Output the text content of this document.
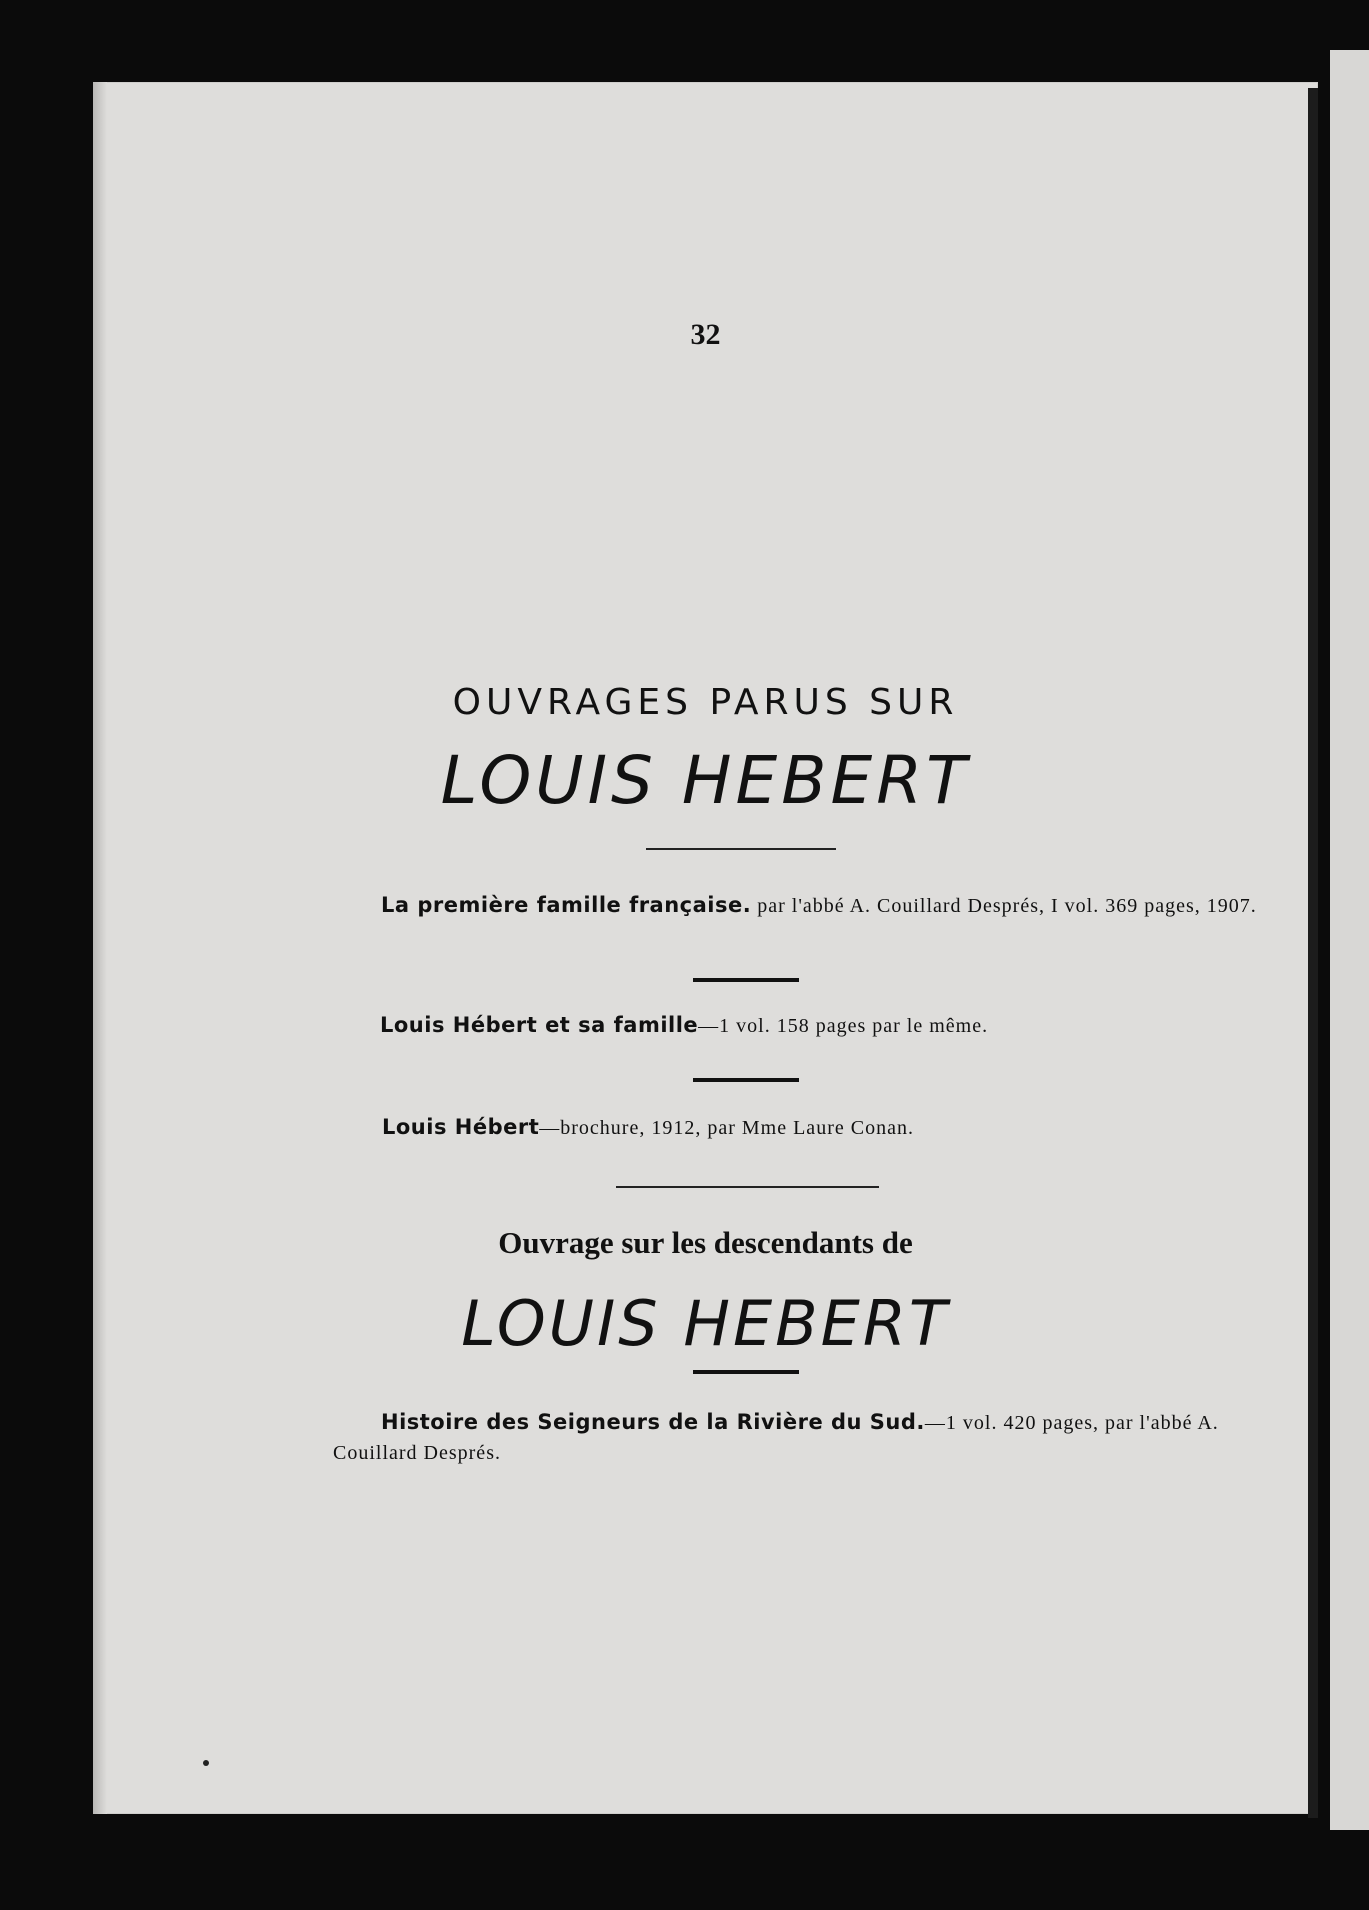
32
OUVRAGES PARUS SUR
LOUIS HEBERT
La première famille française. par l'abbé A. Couillard Després, I vol. 369 pages, 1907.
Louis Hébert et sa famille—1 vol. 158 pages par le même.
Louis Hébert—brochure, 1912, par Mme Laure Conan.
Ouvrage sur les descendants de
LOUIS HEBERT
Histoire des Seigneurs de la Rivière du Sud.—1 vol. 420 pages, par l'abbé A. Couillard Després.
